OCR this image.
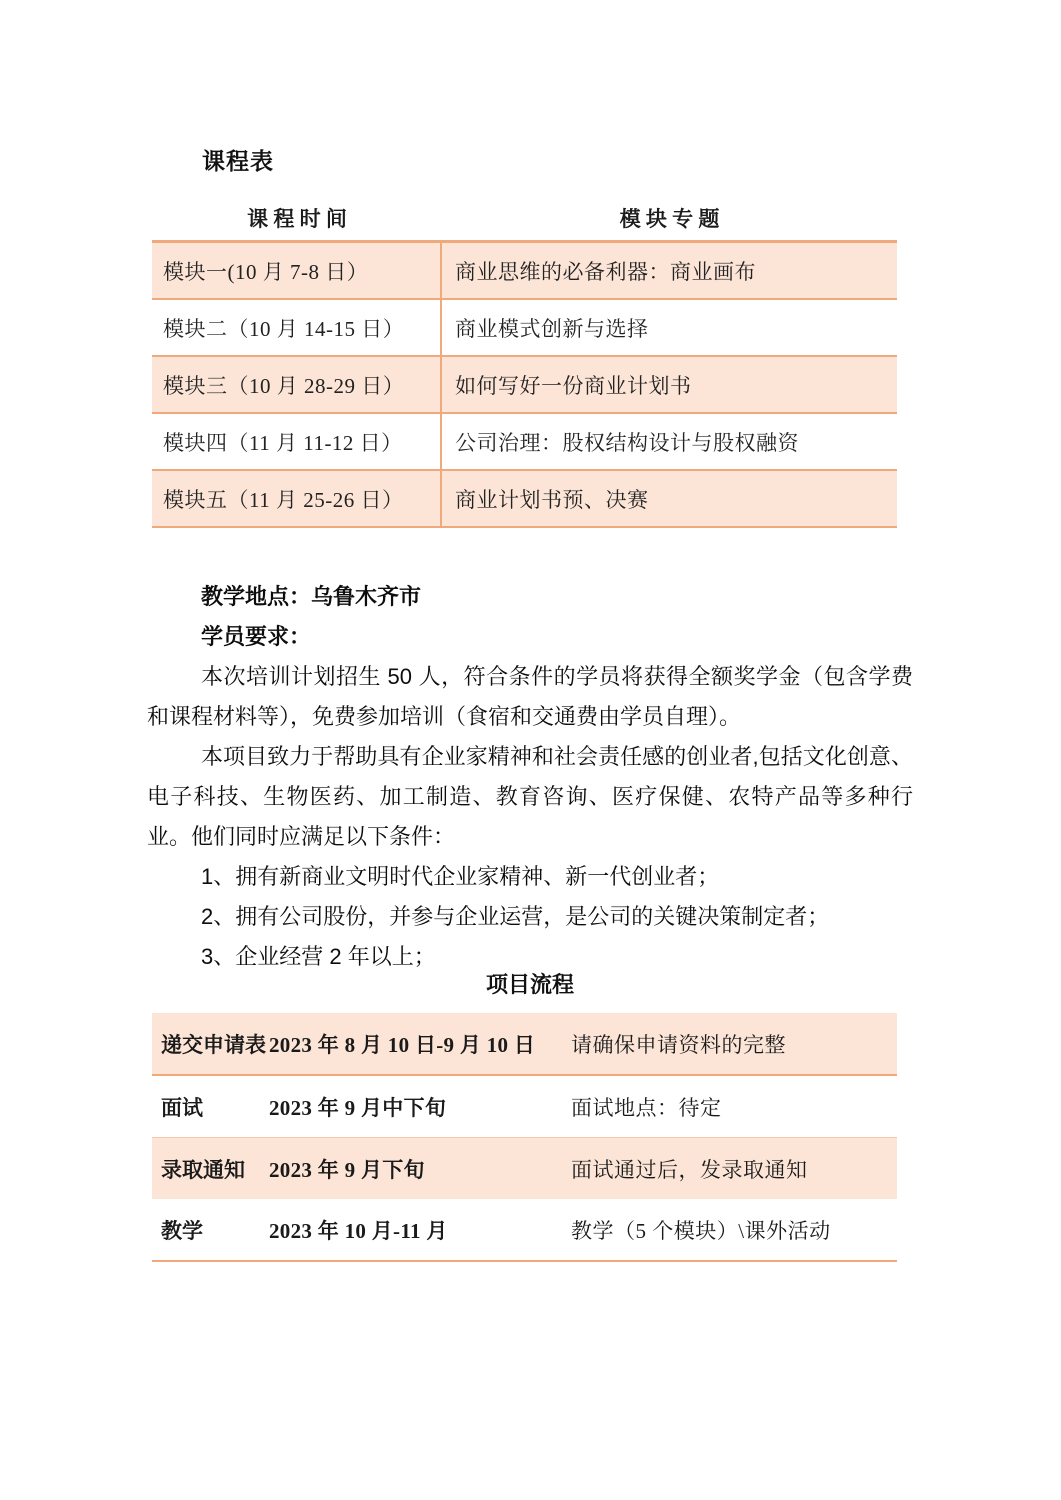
课程表
课 程 时 间	模 块 专 题
模块一(10 月 7-8 日）	商业思维的必备利器：商业画布
模块二（10 月 14-15 日）	商业模式创新与选择
模块三（10 月 28-29 日）	如何写好一份商业计划书
模块四（11 月 11-12 日）	公司治理：股权结构设计与股权融资
模块五（11 月 25-26 日）	商业计划书预、决赛

教学地点：乌鲁木齐市

学员要求：

本次培训计划招生 50 人，符合条件的学员将获得全额奖学金（包含学费和课程材料等），免费参加培训（食宿和交通费由学员自理）。

本项目致力于帮助具有企业家精神和社会责任感的创业者,包括文化创意、电子科技、生物医药、加工制造、教育咨询、医疗保健、农特产品等多种行业。他们同时应满足以下条件：

1、拥有新商业文明时代企业家精神、新一代创业者；

2、拥有公司股份，并参与企业运营，是公司的关键决策制定者；

3、企业经营 2 年以上；

项目流程
递交申请表 2023 年 8 月 10 日-9 月 10 日	请确保申请资料的完整
面试	2023 年 9 月中下旬	面试地点：待定
录取通知	2023 年 9 月下旬	面试通过后，发录取通知
教学	2023 年 10 月-11 月	教学（5 个模块）\课外活动
